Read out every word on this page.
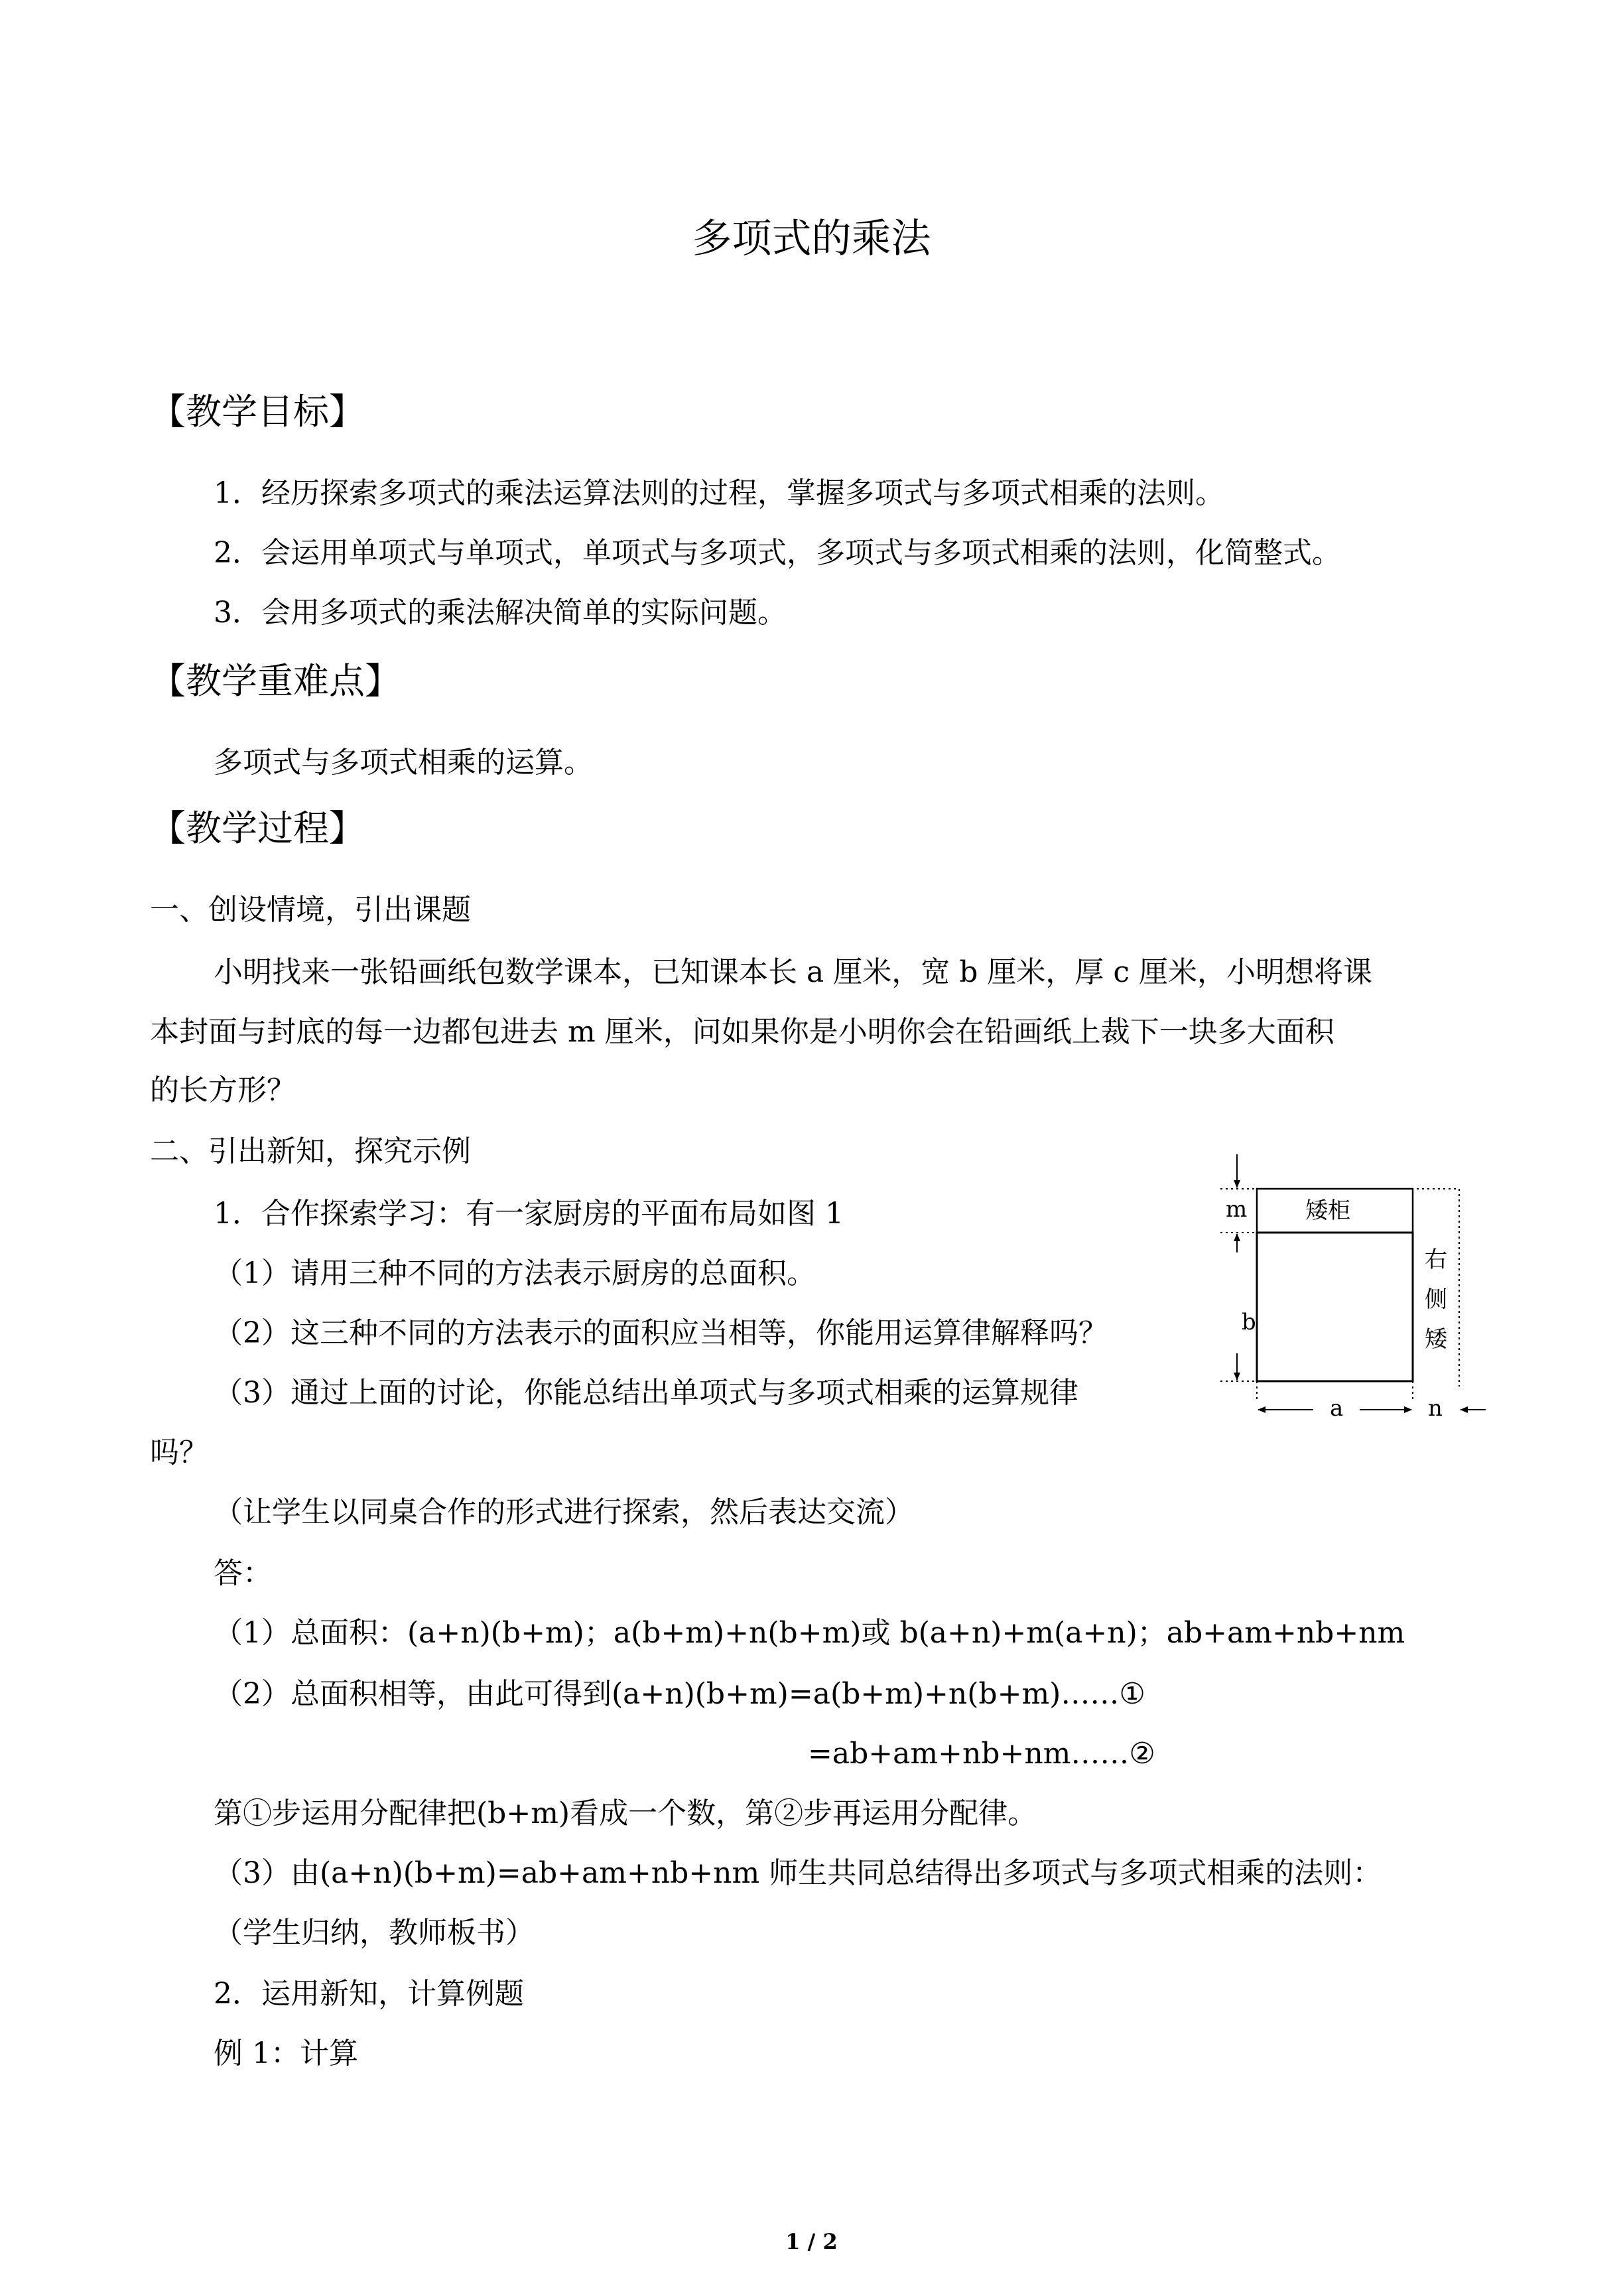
多项式的乘法
【教学目标】
1．经历探索多项式的乘法运算法则的过程，掌握多项式与多项式相乘的法则。
2．会运用单项式与单项式，单项式与多项式，多项式与多项式相乘的法则，化简整式。
3．会用多项式的乘法解决简单的实际问题。
【教学重难点】
多项式与多项式相乘的运算。
【教学过程】
一、创设情境，引出课题
小明找来一张铅画纸包数学课本，已知课本长 a 厘米，宽 b 厘米，厚 c 厘米，小明想将课
本封面与封底的每一边都包进去 m 厘米，问如果你是小明你会在铅画纸上裁下一块多大面积
的长方形？
二、引出新知，探究示例
1．合作探索学习：有一家厨房的平面布局如图 1
（1）请用三种不同的方法表示厨房的总面积。
（2）这三种不同的方法表示的面积应当相等，你能用运算律解释吗？
（3）通过上面的讨论，你能总结出单项式与多项式相乘的运算规律
吗？
（让学生以同桌合作的形式进行探索，然后表达交流）
答：
（1）总面积：(a+n)(b+m)；a(b+m)+n(b+m)或 b(a+n)+m(a+n)；ab+am+nb+nm
（2）总面积相等，由此可得到(a+n)(b+m)=a(b+m)+n(b+m)……①
=ab+am+nb+nm……②
第①步运用分配律把(b+m)看成一个数，第②步再运用分配律。
（3）由(a+n)(b+m)=ab+am+nb+nm 师生共同总结得出多项式与多项式相乘的法则：
（学生归纳，教师板书）
2．运用新知，计算例题
例 1：计算
m	矮柜
b
a	n
右
侧
矮
1 / 2
